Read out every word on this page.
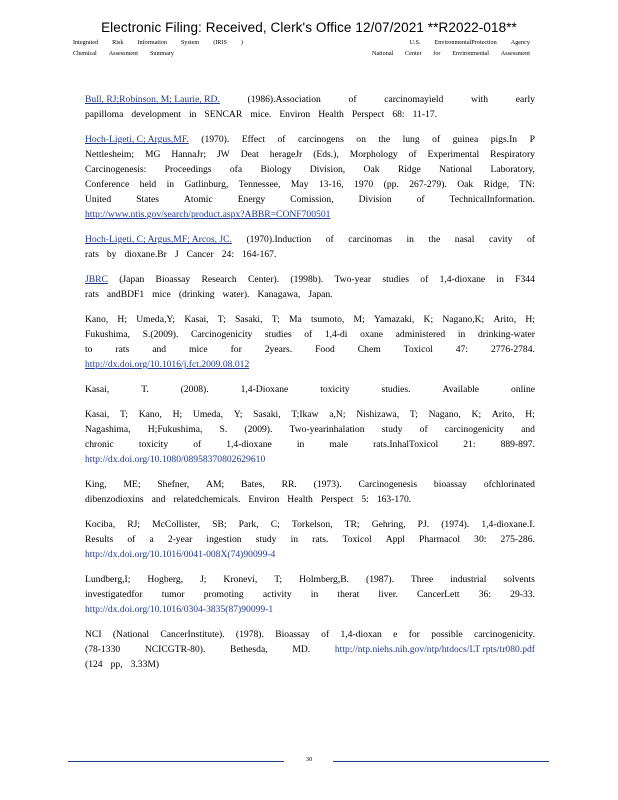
Electronic Filing: Received, Clerk's Office 12/07/2021 **R2022-018**
Integrated Risk Information System (IRIS )
Chemical Assessment Summary
U.S. EnvironmentalProtection Agency
National Center for Environmental Assessment
Bull, RJ;Robinson, M; Laurie, RD.	(1986).Association	of	carcinomayield	with	early
papilloma development in SENCAR mice. Environ Health Perspect 68: 11-17.
Hoch-Ligeti, C; Argus,MF. (1970). Effect of carcinogens on the lung of guinea pigs.In P
Nettlesheim; MG HannaJr; JW Deat herageJr (Eds.), Morphology of Experimental Respiratory
Carcinogenesis: Proceedings ofa Biology Division, Oak Ridge National Laboratory,
Conference held in Gatlinburg, Tennessee, May 13-16, 1970 (pp. 267-279). Oak Ridge, TN:
United	States	Atomic	Energy	Comission,	Division	of	TechnicalInformation.
http://www.ntis.gov/search/product.aspx?ABBR=CONF700501
Hoch-Ligeti, C; Argus,MF; Arcos, JC. (1970).Induction of carcinomas in the nasal cavity of
rats by dioxane.Br J Cancer 24: 164-167.
JBRC (Japan Bioassay Research Center). (1998b). Two-year studies of 1,4-dioxane in F344
rats andBDF1 mice (drinking water). Kanagawa, Japan.
Kano, H; Umeda,Y; Kasai, T; Sasaki, T; Ma tsumoto, M; Yamazaki, K; Nagano,K; Arito, H;
Fukushima, S.(2009). Carcinogenicity studies of 1,4-di oxane administered in drinking-water
to rats and mice for 2years. Food Chem Toxicol 47: 2776-2784.
http://dx.doi.org/10.1016/j.fct.2009.08.012
Kasai,	T.	(2008).	1,4-Dioxane	toxicity	studies.	Available	online
Kasai, T; Kano, H; Umeda, Y; Sasaki, T;Ikaw a,N; Nishizawa, T; Nagano, K; Arito, H;
Nagashima, H;Fukushima, S. (2009). Two-yearinhalation study of carcinogenicity and
chronic	toxicity	of	1,4-dioxane	in	male	rats.InhalToxicol	21:	889-897.
http://dx.doi.org/10.1080/08958370802629610
King, ME; Shefner, AM; Bates, RR. (1973). Carcinogenesis bioassay ofchlorinated
dibenzodioxins and relatedchemicals. Environ Health Perspect 5: 163-170.
Kociba, RJ; McCollister, SB; Park, C; Torkelson, TR; Gehring, PJ. (1974). 1,4-dioxane.I.
Results of a 2-year ingestion study in rats. Toxicol Appl Pharmacol 30: 275-286.
http://dx.doi.org/10.1016/0041-008X(74)90099-4
Lundberg,I; Hogberg, J; Kronevi, T; Holmberg,B. (1987). Three industrial solvents
investigatedfor tumor promoting activity in therat liver. CancerLett 36: 29-33.
http://dx.doi.org/10.1016/0304-3835(87)90099-1
NCI (National CancerInstitute). (1978). Bioassay of 1,4-dioxan e for possible carcinogenicity.
(78-1330	NCICGTR-80).	Bethesda,	MD.	http://ntp.niehs.nih.gov/ntp/htdocs/LT rpts/tr080.pdf
(124 pp, 3.33M)
30
